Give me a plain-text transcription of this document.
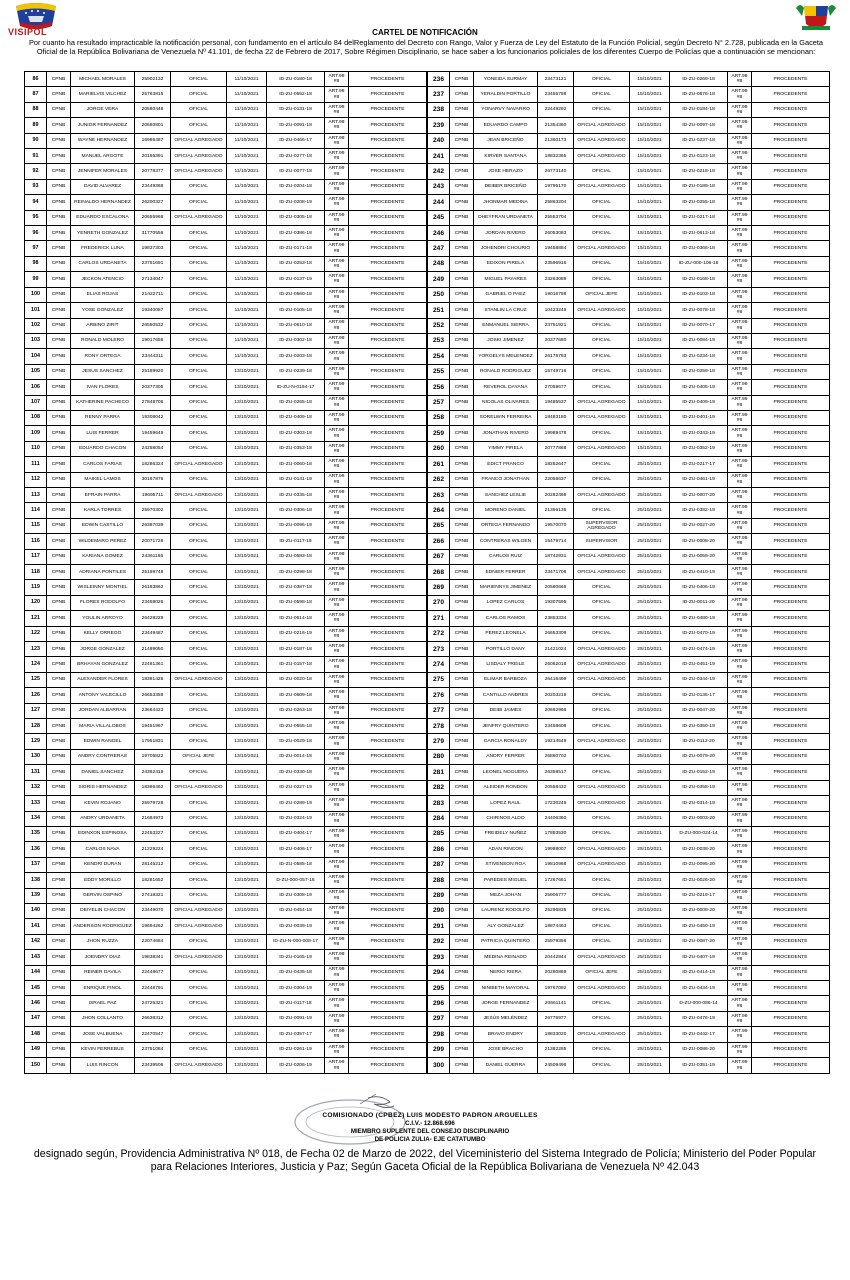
VISIPOL	CARTEL DE NOTIFICACIÓN
Por cuanto ha resultado impracticable la notificación personal, con fundamento en el artículo 84 delReglamento del Decreto con Rango, Valor y Fuerza de Ley del Estatuto de la Función Policial, según Decreto N° 2.728, publicada en la Gaceta Oficial de la República Bolivariana de Venezuela Nº 41.101, de fecha 22 de Febrero de 2017, Sobre Régimen Disciplinario, se hace saber a los funcionarios policiales de los diferentes Cuerpo de Policías que a continuación se mencionan:
86	CPNB	MICHAEL MORALES	25902132	OFICIAL	11/10/2021	ID-ZU-0180-18	ART.99 #8	PROCEDENTE
87	CPNB	MARIELVIS VILCHEZ	25763815	OFICIAL	11/10/2021	ID-ZU-0552-18	ART.99 #8	PROCEDENTE
88	CPNB	JORGE VERA	20580448	OFICIAL	11/10/2021	ID-ZU-0131-18	ART.99 #8	PROCEDENTE
89	CPNB	JUNIOR FERNANDEZ	20660801	OFICIAL	11/10/2021	ID-ZU-0091-18	ART.99 #8	PROCEDENTE
90	CPNB	WAYNE HERNANDEZ	16986487	OFICIAL AGREGADO	11/10/2021	ID-ZU-0466-17	ART.99 #8	PROCEDENTE
91	CPNB	MANUEL ARGOTE	20165391	OFICIAL AGREGADO	11/10/2021	ID-ZU-0277-18	ART.99 #8	PROCEDENTE
92	CPNB	JENNIFER MORALES	20778377	OFICIAL AGREGADO	11/10/2021	ID-ZU-0077-18	ART.99 #8	PROCEDENTE
93	CPNB	DAVID ALVAREZ	23449368	OFICIAL	11/10/2021	ID-ZU-0204-18	ART.99 #8	PROCEDENTE
94	CPNB	REINALDO HERNANDEZ	26200327	OFICIAL	11/10/2021	ID-ZU-0208-19	ART.99 #8	PROCEDENTE
95	CPNB	EDUARDO ESCALONA	20655968	OFICIAL AGREGADO	11/10/2021	ID-ZU-0305-18	ART.99 #8	PROCEDENTE
96	CPNB	YENRETH GONZALEZ	31770556	OFICIAL	11/10/2021	ID-ZU-0386-18	ART.99 #8	PROCEDENTE
97	CPNB	FREDERICK LUNA	19837303	OFICIAL	11/10/2021	ID-ZU-0171-18	ART.99 #8	PROCEDENTE
98	CPNB	CARLOS URDANETA	23751691	OFICIAL	11/10/2021	ID-ZU-0253-18	ART.99 #8	PROCEDENTE
99	CPNB	JECKON ATENCIO	27134047	OFICIAL	11/10/2021	ID-ZU-0137-19	ART.99 #8	PROCEDENTE
100	CPNB	ELIAS ROJAS	21422711	OFICIAL	11/10/2021	ID-ZU-0560-18	ART.99 #8	PROCEDENTE
101	CPNB	YOSE GONZALEZ	19340087	OFICIAL	11/10/2021	ID-ZU-0105-18	ART.99 #8	PROCEDENTE
102	CPNB	ARBINO ZIRIT	26550532	OFICIAL	11/10/2021	ID-ZU-0610-18	ART.99 #8	PROCEDENTE
103	CPNB	RONALD MOLERO	19017658	OFICIAL	11/10/2021	ID-ZU-0302-18	ART.99 #8	PROCEDENTE
104	CPNB	RONY ORTEGA	23444311	OFICIAL	11/10/2021	ID-ZU-0203-18	ART.99 #8	PROCEDENTE
105	CPNB	JESUS SANCHEZ	25189920	OFICIAL	13/10/2021	ID-ZU-0239-18	ART.99 #8	PROCEDENTE
106	CPNB	IVAN FLORES	20377305	OFICIAL	13/10/2021	ID-ZU-N-0194-17	ART.99 #8	PROCEDENTE
107	CPNB	KATHERINE PACHECO	27848706	OFICIAL	13/10/2021	ID-ZU-0265-18	ART.99 #8	PROCEDENTE
108	CPNB	RENNY PARRA	19308042	OFICIAL	13/10/2021	ID-ZU-0409-18	ART.99 #8	PROCEDENTE
109	CPNB	LUIS FERRER	19459649	OFICIAL	13/10/2021	ID-ZU-0303-18	ART.99 #8	PROCEDENTE
110	CPNB	EDUARDO CHACON	24258054	OFICIAL	13/10/2021	ID-ZU-0353-18	ART.99 #8	PROCEDENTE
111	CPNB	CARLOS FARIAS	18286324	OFICIAL AGREGADO	13/10/2021	ID-ZU-0060-18	ART.99 #8	PROCEDENTE
112	CPNB	MAIKEL LAMOS	30167876	OFICIAL	13/10/2021	ID-ZU-0141-19	ART.99 #8	PROCEDENTE
113	CPNB	EFRAIN PARRA	19695711	OFICIAL AGREGADO	13/10/2021	ID-ZU-0335-18	ART.99 #8	PROCEDENTE
114	CPNB	KARLA TORRES	25970302	OFICIAL	13/10/2021	ID-ZU-0306-18	ART.99 #8	PROCEDENTE
115	CPNB	EDWIN CASTILLO	26387039	OFICIAL	13/10/2021	ID-ZU-0096-19	ART.99 #8	PROCEDENTE
116	CPNB	WILDEMARO PEREZ	20071726	OFICIAL	13/10/2021	ID-ZU-0117-19	ART.99 #8	PROCEDENTE
117	CPNB	KARIANA GOMEZ	24361165	OFICIAL	13/10/2021	ID-ZU-0583-18	ART.99 #8	PROCEDENTE
118	CPNB	ADRIANA PONTILES	25189748	OFICIAL	13/10/2021	ID-ZU-0298-18	ART.99 #8	PROCEDENTE
119	CPNB	WISLEINNY MONTIEL	26183862	OFICIAL	13/10/2021	ID-ZU-0387-18	ART.99 #8	PROCEDENTE
120	CPNB	FLORES RODOLFO	23458026	OFICIAL	13/10/2021	ID-ZU-0598-18	ART.99 #8	PROCEDENTE
121	CPNB	YOULIN ARROYO	26428229	OFICIAL	13/10/2021	ID-ZU-0614-18	ART.99 #8	PROCEDENTE
122	CPNB	KELLY ORREGO	23449487	OFICIAL	13/10/2021	ID-ZU-0216-19	ART.99 #8	PROCEDENTE
123	CPNB	JORGE GONZALEZ	21489050	OFICIAL	13/10/2021	ID-ZU-0187-18	ART.99 #8	PROCEDENTE
124	CPNB	BRHAYAN GONZALEZ	22481361	OFICIAL	13/10/2021	ID-ZU-0157-18	ART.99 #8	PROCEDENTE
125	CPNB	ALEXANDER FLORES	18381426	OFICIAL AGREGADO	13/10/2021	ID-ZU-0020-18	ART.99 #8	PROCEDENTE
126	CPNB	ANTONY VALECILLO	26653359	OFICIAL	13/10/2021	ID-ZU-0609-18	ART.99 #8	PROCEDENTE
127	CPNB	JORDAN ALBARRAN	23664423	OFICIAL	13/10/2021	ID-ZU-0263-18	ART.99 #8	PROCEDENTE
128	CPNB	MARIA VILLALOBOS	19451967	OFICIAL	13/10/2021	ID-ZU-0555-18	ART.99 #8	PROCEDENTE
129	CPNB	EDWIN RANGEL	17951831	OFICIAL	13/10/2021	ID-ZU-0029-18	ART.99 #8	PROCEDENTE
130	CPNB	ANDRY CONTRERAS	19705822	OFICIAL JEFE	13/10/2021	ID-ZU-0014-18	ART.99 #8	PROCEDENTE
131	CPNB	DANIEL SANCHEZ	24362419	OFICIAL	13/10/2021	ID-ZU-0330-18	ART.99 #8	PROCEDENTE
132	CPNB	SIGRIS HERNANDEZ	18386462	OFICIAL AGREGADO	13/10/2021	ID-ZU-0227-19	ART.99 #8	PROCEDENTE
133	CPNB	KEVIN ROJANO	25979728	OFICIAL	13/10/2021	ID-ZU-0289-19	ART.99 #8	PROCEDENTE
134	CPNB	ANDRY URDANETA	21684973	OFICIAL	13/10/2021	ID-ZU-0324-19	ART.99 #8	PROCEDENTE
135	CPNB	EDINXON ESPINOSA	22453227	OFICIAL	13/10/2021	ID-ZU-0404-17	ART.99 #8	PROCEDENTE
136	CPNB	CARLOS NAVA	21229224	OFICIAL	13/10/2021	ID-ZU-0406-17	ART.99 #8	PROCEDENTE
137	CPNB	KENDRI DURAN	28145212	OFICIAL	13/10/2021	ID-ZU-0585-18	ART.99 #8	PROCEDENTE
138	CPNB	EDDY MORILLO	18281652	OFICIAL	13/10/2021	D-ZU-000-057-16	ART.99 #8	PROCEDENTE
139	CPNB	GERVIN OSPINO	27418321	OFICIAL	13/10/2021	ID-ZU-0308-19	ART.99 #8	PROCEDENTE
140	CPNB	DEIYELIN CHACON	23449070	OFICIAL AGREGADO	13/10/2021	ID-ZU-0454-18	ART.99 #8	PROCEDENTE
141	CPNB	ANDERSON RODRIGUEZ	19694262	OFICIAL AGREGADO	13/10/2021	ID-ZU-0039-19	ART.99 #8	PROCEDENTE
142	CPNB	JHON RUZZA	22074684	OFICIAL	13/10/2021	ID-ZU-N-000-008-17	ART.99 #8	PROCEDENTE
143	CPNB	JOENDRY DIAZ	19838341	OFICIAL AGREGADO	13/10/2021	ID-ZU-0165-19	ART.99 #8	PROCEDENTE
144	CPNB	REINER DAVILA	22448677	OFICIAL	13/10/2021	ID-ZU-0435-18	ART.99 #8	PROCEDENTE
145	CPNB	ENRIQUE FINOL	22448791	OFICIAL	13/10/2021	ID-ZU-0304-19	ART.99 #8	PROCEDENTE
146	CPNB	ISRAEL PAZ	24725321	OFICIAL	13/10/2021	ID-ZU-0117-18	ART.99 #8	PROCEDENTE
147	CPNB	JHON COLLANTO	26638312	OFICIAL	13/10/2021	ID-ZU-0091-19	ART.99 #8	PROCEDENTE
148	CPNB	JOSE VALBUENA	22470547	OFICIAL	13/10/2021	ID-ZU-0357-17	ART.99 #8	PROCEDENTE
149	CPNB	KEVIN FERREBUS	23751084	OFICIAL	13/10/2021	ID-ZU-0261-19	ART.99 #8	PROCEDENTE
150	CPNB	LUIS RINCON	23439506	OFICIAL AGREGADO	13/10/2021	ID-ZU-0206-19	ART.99 #8	PROCEDENTE
236	CPNB	YONEIDA SURMAY	23473121	OFICIAL	15/10/2021	ID-ZU-0269-18	ART.99 #8	PROCEDENTE
237	CPNB	YERALDIN PORTILLO	23455758	OFICIAL	15/10/2021	ID-ZU-0576-18	ART.99 #8	PROCEDENTE
238	CPNB	YONARVY NAVARRO	22449292	OFICIAL	15/10/2021	ID-ZU-0184-18	ART.99 #8	PROCEDENTE
239	CPNB	EDUARDO CAMPO	21354360	OFICIAL AGREGADO	15/10/2021	ID-ZU-0097-18	ART.99 #8	PROCEDENTE
240	CPNB	JEAN BRICEÑO	21360173	OFICIAL AGREGADO	15/10/2021	ID-ZU-0237-18	ART.99 #8	PROCEDENTE
241	CPNB	KIRVER SANTANA	18832365	OFICIAL AGREGADO	15/10/2021	ID-ZU-0123-18	ART.99 #8	PROCEDENTE
242	CPNB	JOSE HERAZO	26773140	OFICIAL	15/10/2021	ID-ZU-0218-18	ART.99 #8	PROCEDENTE
243	CPNB	DEIBER BRICEÑO	19795170	OFICIAL AGREGADO	15/10/2021	ID-ZU-0189-18	ART.99 #8	PROCEDENTE
244	CPNB	JHONMAR MEDINA	25863204	OFICIAL	15/10/2021	ID-ZU-0255-18	ART.99 #8	PROCEDENTE
245	CPNB	DHEYFRAN URDANETA	25553704	OFICIAL	15/10/2021	ID-ZU-0217-18	ART.99 #8	PROCEDENTE
246	CPNB	JORDAN RIVERO	26053083	OFICIAL	15/10/2021	ID-ZU-0613-18	ART.99 #8	PROCEDENTE
247	CPNB	JOHENDRI CHOURIO	19458884	OFICIAL AGREGADO	15/10/2021	ID-ZU-0366-18	ART.99 #8	PROCEDENTE
248	CPNB	EDIXON PIRELA	23596916	OFICIAL	15/10/2021	ID-ZU-000-106-16	ART.99 #8	PROCEDENTE
249	CPNB	MIGUEL PAYARES	23263089	OFICIAL	15/10/2021	ID-ZU-0168-18	ART.99 #8	PROCEDENTE
250	CPNB	GABRIEL O PAEZ	19016758	OFICIAL JEFE	15/10/2021	ID-ZU-0103-18	ART.99 #8	PROCEDENTE
251	CPNB	STANLIN LA CRUZ	10423246	OFICIAL AGREGADO	15/10/2021	ID-ZU-0078-18	ART.99 #8	PROCEDENTE
252	CPNB	ENMANUEL SIERRA	23751921	OFICIAL	15/10/2021	ID-ZU-0070-17	ART.99 #8	PROCEDENTE
253	CPNB	JOSKI JIMENEZ	20377680	OFICIAL	15/10/2021	ID-ZU-0084-19	ART.99 #8	PROCEDENTE
254	CPNB	YORGELYS MELENDEZ	26175783	OFICIAL	15/10/2021	ID-ZU-0234-18	ART.99 #8	PROCEDENTE
255	CPNB	RONALD RODRIGUEZ	15749716	OFICIAL	15/10/2021	ID-ZU-0259-18	ART.99 #8	PROCEDENTE
256	CPNB	REVEROL DAYANA	27059677	OFICIAL	15/10/2021	ID-ZU-0405-19	ART.99 #8	PROCEDENTE
257	CPNB	NICOLAS OLIVARES	19485537	OFICIAL AGREGADO	15/10/2021	ID-ZU-0409-19	ART.99 #8	PROCEDENTE
258	CPNB	SORELWIN FERREIRA	18483180	OFICIAL AGREGADO	15/10/2021	ID-ZU-0401-19	ART.99 #8	PROCEDENTE
259	CPNB	JONATHAN RIVERO	19989478	OFICIAL	15/10/2021	ID-ZU-0343-19	ART.99 #8	PROCEDENTE
260	CPNB	YIMMY PIRELA	20777868	OFICIAL AGREGADO	15/10/2021	ID-ZU-0352-19	ART.99 #8	PROCEDENTE
261	CPNB	EDICT FRANCO	18282647	OFICIAL	25/10/2021	ID-ZU-0217-17	ART.99 #8	PROCEDENTE
262	CPNB	FRANCO JONATHAN	22056637	OFICIAL	25/10/2021	ID-ZU-0461-19	ART.99 #8	PROCEDENTE
263	CPNB	SANCHEZ LESLIE	20282466	OFICIAL AGREGADO	25/10/2021	ID-ZU-0007-20	ART.99 #8	PROCEDENTE
264	CPNB	MORENO DANIEL	21356135	OFICIAL	25/10/2021	ID-ZU-0382-19	ART.99 #8	PROCEDENTE
265	CPNB	ORTEGA FERNANDO	19570070	SUPERVISOR AGREGADO	25/10/2021	ID-ZU-0027-20	ART.99 #8	PROCEDENTE
266	CPNB	CONTRERAS WILGEN	15479714	SUPERVISOR	25/10/2021	ID-ZU-0008-20	ART.99 #8	PROCEDENTE
267	CPNB	CARLOS RUIZ	18742931	OFICIAL AGREGADO	25/10/2021	ID-ZU-0059-20	ART.99 #8	PROCEDENTE
268	CPNB	EDNIER FERRER	23471706	OFICIAL AGREGADO	25/10/2021	ID-ZU-0410-19	ART.99 #8	PROCEDENTE
269	CPNB	MARIENNYS JIMENEZ	20580666	OFICIAL	25/10/2021	ID-ZU-0406-19	ART.99 #8	PROCEDENTE
270	CPNB	LOPEZ CARLOS	19307595	OFICIAL	25/10/2021	ID-ZU-0011-20	ART.99 #8	PROCEDENTE
271	CPNB	CARLOS RAMOS	23853334	OFICIAL	25/10/2021	ID-ZU-0480-19	ART.99 #8	PROCEDENTE
272	CPNB	PEREZ LEONELA	26653309	OFICIAL	25/10/2021	ID-ZU-0470-19	ART.99 #8	PROCEDENTE
273	CPNB	PORTILLO DANY	21421024	OFICIAL AGREGADO	25/10/2021	ID-ZU-0474-19	ART.99 #8	PROCEDENTE
274	CPNB	LISDALY FREILE	26062018	OFICIAL AGREGADO	25/10/2021	ID-ZU-0451-19	ART.99 #8	PROCEDENTE
275	CPNB	ELIMAR BARBOZA	26416499	OFICIAL AGREGADO	25/10/2021	ID-ZU-0344-19	ART.99 #8	PROCEDENTE
276	CPNB	CANTILLO ANDRES	20203219	OFICIAL	25/10/2021	ID-ZU-0135-17	ART.99 #8	PROCEDENTE
277	CPNB	DEIBI JAIMES	20692966	OFICIAL	25/10/2021	ID-ZU-0047-20	ART.99 #8	PROCEDENTE
278	CPNB	JENFRY QUINTERO	23458608	OFICIAL	25/10/2021	ID-ZU-0350-19	ART.99 #8	PROCEDENTE
279	CPNB	GARCIA RONALDY	19214549	OFICIAL AGREGADO	25/10/2021	ID-ZU-0112-20	ART.99 #8	PROCEDENTE
280	CPNB	ANDRY FERRER	26860702	OFICIAL	25/10/2021	ID-ZU-0079-20	ART.99 #8	PROCEDENTE
281	CPNB	LEONEL NOGUERA	26358517	OFICIAL	25/10/2021	ID-ZU-0152-19	ART.99 #8	PROCEDENTE
282	CPNB	ALEIDER RONDON	20558432	OFICIAL AGREGADO	25/10/2021	ID-ZU-0358-19	ART.99 #8	PROCEDENTE
283	CPNB	LOPEZ RAUL	17230246	OFICIAL AGREGADO	25/10/2021	ID-ZU-0314-19	ART.99 #8	PROCEDENTE
284	CPNB	CHIRINOS ALDO	24406360	OFICIAL	25/10/2021	ID-ZU-0003-20	ART.99 #8	PROCEDENTE
285	CPNB	FREIDELY NUÑEZ	17893530	OFICIAL	25/10/2021	D-ZU-000-024-14	ART.99 #8	PROCEDENTE
286	CPNB	ADAN RINCON	19988007	OFICIAL AGREGADO	25/10/2021	ID-ZU-0038-20	ART.99 #8	PROCEDENTE
287	CPNB	STIVENSON ROA	19810968	OFICIAL AGREGADO	25/10/2021	ID-ZU-0095-20	ART.99 #8	PROCEDENTE
288	CPNB	PAREDES MIGUEL	17267661	OFICIAL	25/10/2021	ID-ZU-0026-20	ART.99 #8	PROCEDENTE
289	CPNB	MEZA JOHAN	25906777	OFICIAL	25/10/2021	ID-ZU-0219-17	ART.99 #8	PROCEDENTE
290	CPNB	LAURENZ RODOLFO	25296835	OFICIAL	25/10/2021	ID-ZU-0009-20	ART.99 #8	PROCEDENTE
291	CPNB	ALY GONZALEZ	18874463	OFICIAL	25/10/2021	ID-ZU-0450-19	ART.99 #8	PROCEDENTE
292	CPNB	PATRICIA QUINTERO	25979356	OFICIAL	25/10/2021	ID-ZU-0087-20	ART.99 #8	PROCEDENTE
293	CPNB	MEDINA REINADO	20442844	OFICIAL AGREGADO	25/10/2021	ID-ZU-0407-19	ART.99 #8	PROCEDENTE
294	CPNB	NERIO RIERA	20280869	OFICIAL JEFE	25/10/2021	ID-ZU-0414-19	ART.99 #8	PROCEDENTE
295	CPNB	NINIBETH MAYORAL	19767092	OFICIAL AGREGADO	25/10/2021	ID-ZU-0434-19	ART.99 #8	PROCEDENTE
296	CPNB	JORGE FERNANDEZ	20661141	OFICIAL	25/10/2021	D-ZU-000-086-14	ART.99 #8	PROCEDENTE
297	CPNB	JESÚS MELÉNDEZ	26775977	OFICIAL	25/10/2021	ID-ZU-0476-19	ART.99 #8	PROCEDENTE
298	CPNB	BRAVO ENDRY	18833020	OFICIAL AGREGADO	25/10/2021	ID-ZU-0442-17	ART.99 #8	PROCEDENTE
299	CPNB	JOSE BRACHO	21382285	OFICIAL	25/10/2021	ID-ZU-0086-20	ART.99 #8	PROCEDENTE
300	CPNB	DANIEL GUERRA	24509496	OFICIAL	25/10/2021	ID-ZU-0351-19	ART.99 #8	PROCEDENTE
COMISIONADO (CPBEZ) LUIS MODESTO PADRON ARGUELLES
C.I.V.- 12.868.696
MIEMBRO SUPLENTE DEL CONSEJO DISCIPLINARIO
DE POLICIA ZULIA- EJE CATATUMBO
designado según, Providencia Administrativa Nº 018, de Fecha 02 de Marzo de 2022, del Viceministerio del Sistema Integrado de Policía; Ministerio del Poder Popular para Relaciones Interiores, Justicia y Paz; Según Gaceta Oficial de la República Bolivariana de Venezuela Nº 42.043
